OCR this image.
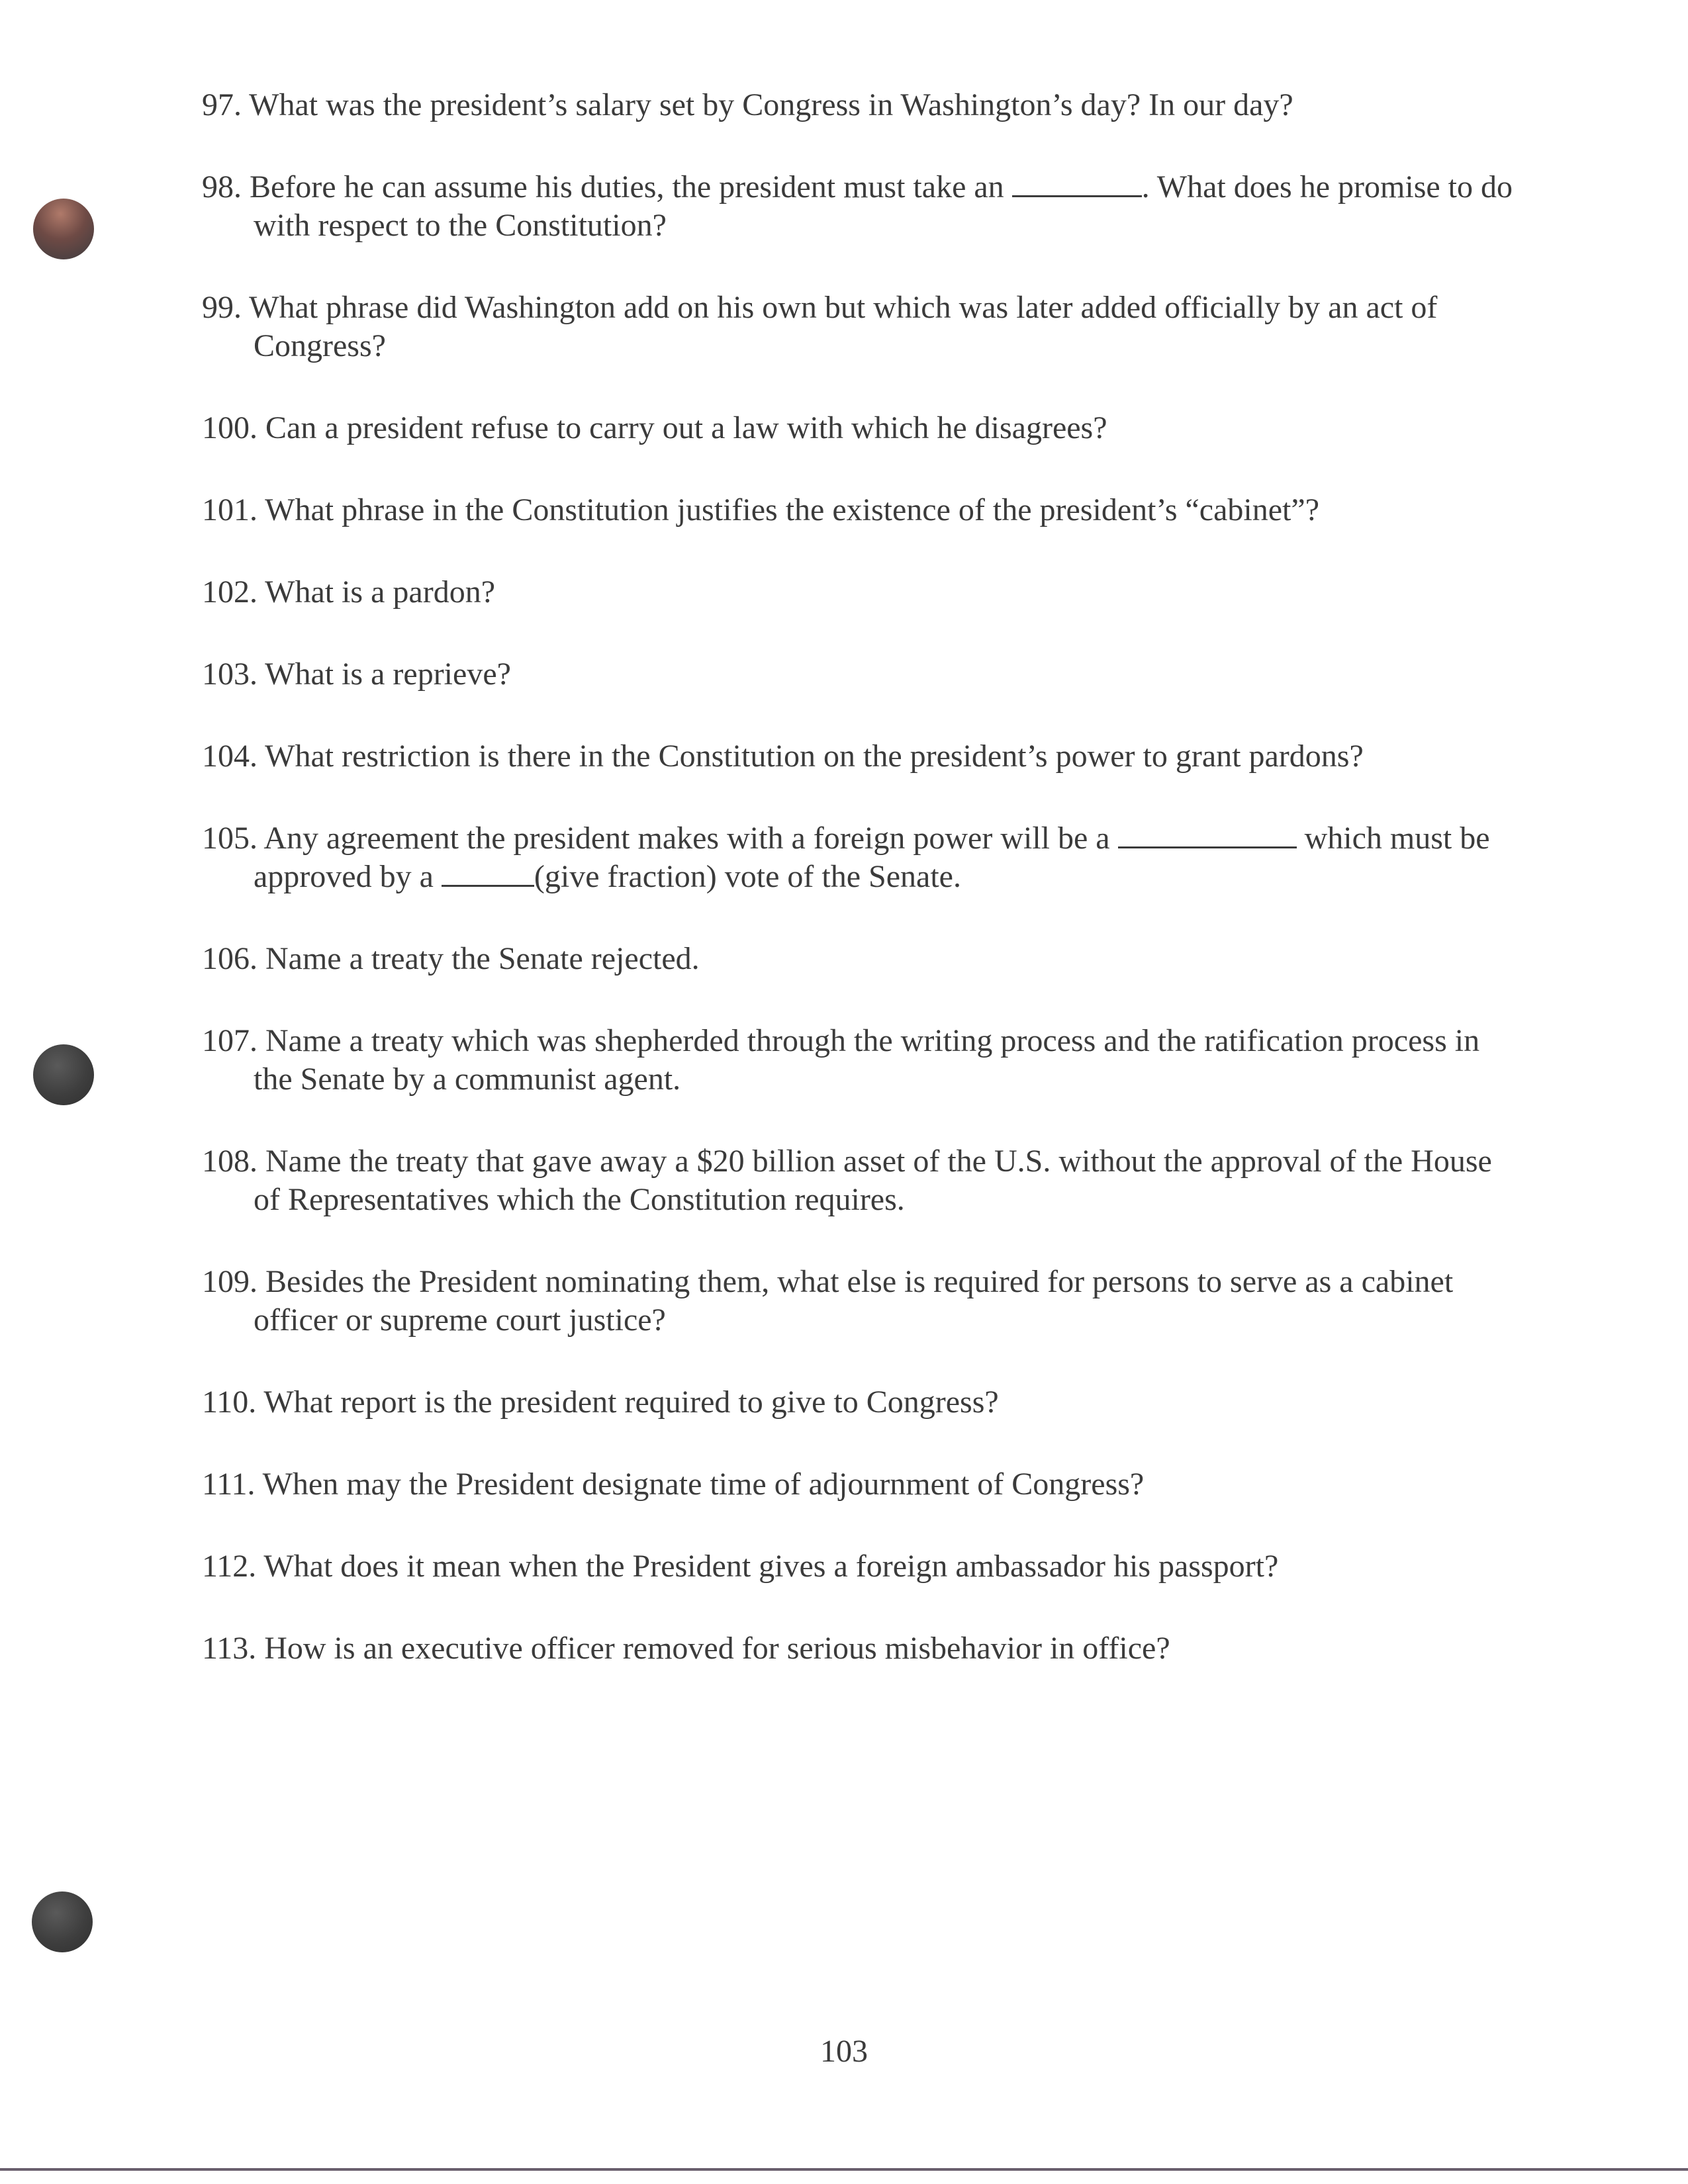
97. What was the president’s salary set by Congress in Washington’s day? In our day?
98. Before he can assume his duties, the president must take an	. What does he promise to do with respect to the Constitution?
99. What phrase did Washington add on his own but which was later added officially by an act of Congress?
100. Can a president refuse to carry out a law with which he disagrees?
101. What phrase in the Constitution justifies the existence of the president’s “cabinet”?
102. What is a pardon?
103. What is a reprieve?
104. What restriction is there in the Constitution on the president’s power to grant pardons?
105. Any agreement the president makes with a foreign power will be a	which must be approved by a	(give fraction) vote of the Senate.
106. Name a treaty the Senate rejected.
107. Name a treaty which was shepherded through the writing process and the ratification process in the Senate by a communist agent.
108. Name the treaty that gave away a $20 billion asset of the U.S. without the approval of the House of Representatives which the Constitution requires.
109. Besides the President nominating them, what else is required for persons to serve as a cabinet officer or supreme court justice?
110. What report is the president required to give to Congress?
111. When may the President designate time of adjournment of Congress?
112. What does it mean when the President gives a foreign ambassador his passport?
113. How is an executive officer removed for serious misbehavior in office?
103
